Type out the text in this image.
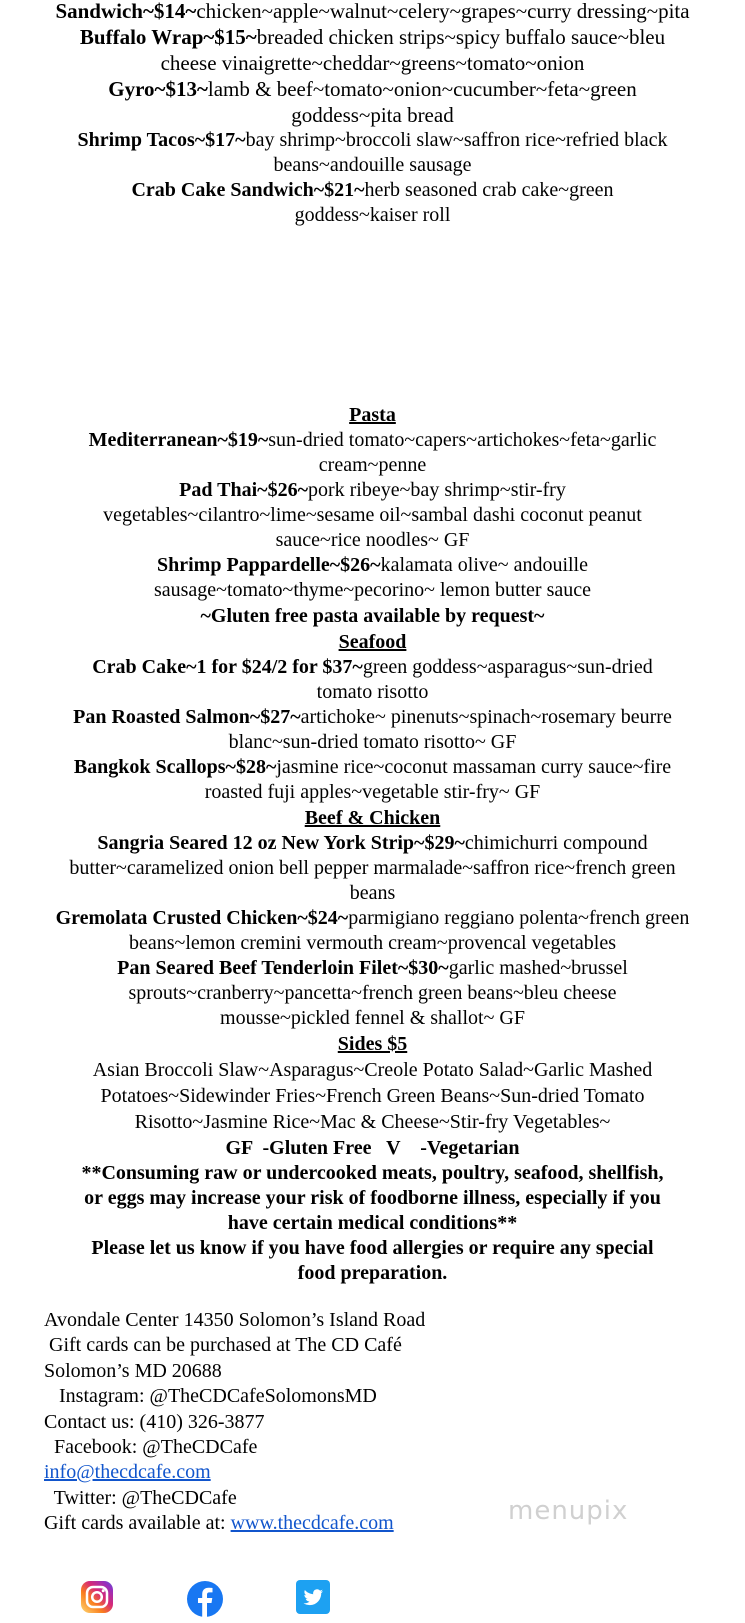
Sandwich~$14~chicken~apple~walnut~celery~grapes~curry dressing~pita

Buffalo Wrap~$15~breaded chicken strips~spicy buffalo sauce~bleu cheese vinaigrette~cheddar~greens~tomato~onion

Gyro~$13~lamb & beef~tomato~onion~cucumber~feta~green goddess~pita bread

Shrimp Tacos~$17~bay shrimp~broccoli slaw~saffron rice~refried black beans~andouille sausage

Crab Cake Sandwich~$21~herb seasoned crab cake~green goddess~kaiser roll

Pasta

Mediterranean~$19~sun-dried tomato~capers~artichokes~feta~garlic cream~penne

Pad Thai~$26~pork ribeye~bay shrimp~stir-fry vegetables~cilantro~lime~sesame oil~sambal dashi coconut peanut sauce~rice noodles~ GF

Shrimp Pappardelle~$26~kalamata olive~ andouille sausage~tomato~thyme~pecorino~ lemon butter sauce

~Gluten free pasta available by request~
Seafood

Crab Cake~1 for $24/2 for $37~green goddess~asparagus~sun-dried tomato risotto

Pan Roasted Salmon~$27~artichoke~ pinenuts~spinach~rosemary beurre blanc~sun-dried tomato risotto~ GF

Bangkok Scallops~$28~jasmine rice~coconut massaman curry sauce~fire roasted fuji apples~vegetable stir-fry~ GF

Beef & Chicken

Sangria Seared 12 oz New York Strip~$29~chimichurri compound butter~caramelized onion bell pepper marmalade~saffron rice~french green beans

Gremolata Crusted Chicken~$24~parmigiano reggiano polenta~french green beans~lemon cremini vermouth cream~provencal vegetables

Pan Seared Beef Tenderloin Filet~$30~garlic mashed~brussel sprouts~cranberry~pancetta~french green beans~bleu cheese mousse~pickled fennel & shallot~ GF

Sides $5

Asian Broccoli Slaw~Asparagus~Creole Potato Salad~Garlic Mashed Potatoes~Sidewinder Fries~French Green Beans~Sun-dried Tomato Risotto~Jasmine Rice~Mac & Cheese~Stir-fry Vegetables~

GF  -Gluten Free   V    -Vegetarian

**Consuming raw or undercooked meats, poultry, seafood, shellfish, or eggs may increase your risk of foodborne illness, especially if you have certain medical conditions**

Please let us know if you have food allergies or require any special food preparation.

Avondale Center 14350 Solomon’s Island Road
Gift cards can be purchased at The CD Café
Solomon’s MD 20688
Instagram: @TheCDCafeSolomonsMD
Contact us: (410) 326-3877
Facebook: @TheCDCafe
info@thecdcafe.com
Twitter: @TheCDCafe
Gift cards available at: www.thecdcafe.com	menupix
